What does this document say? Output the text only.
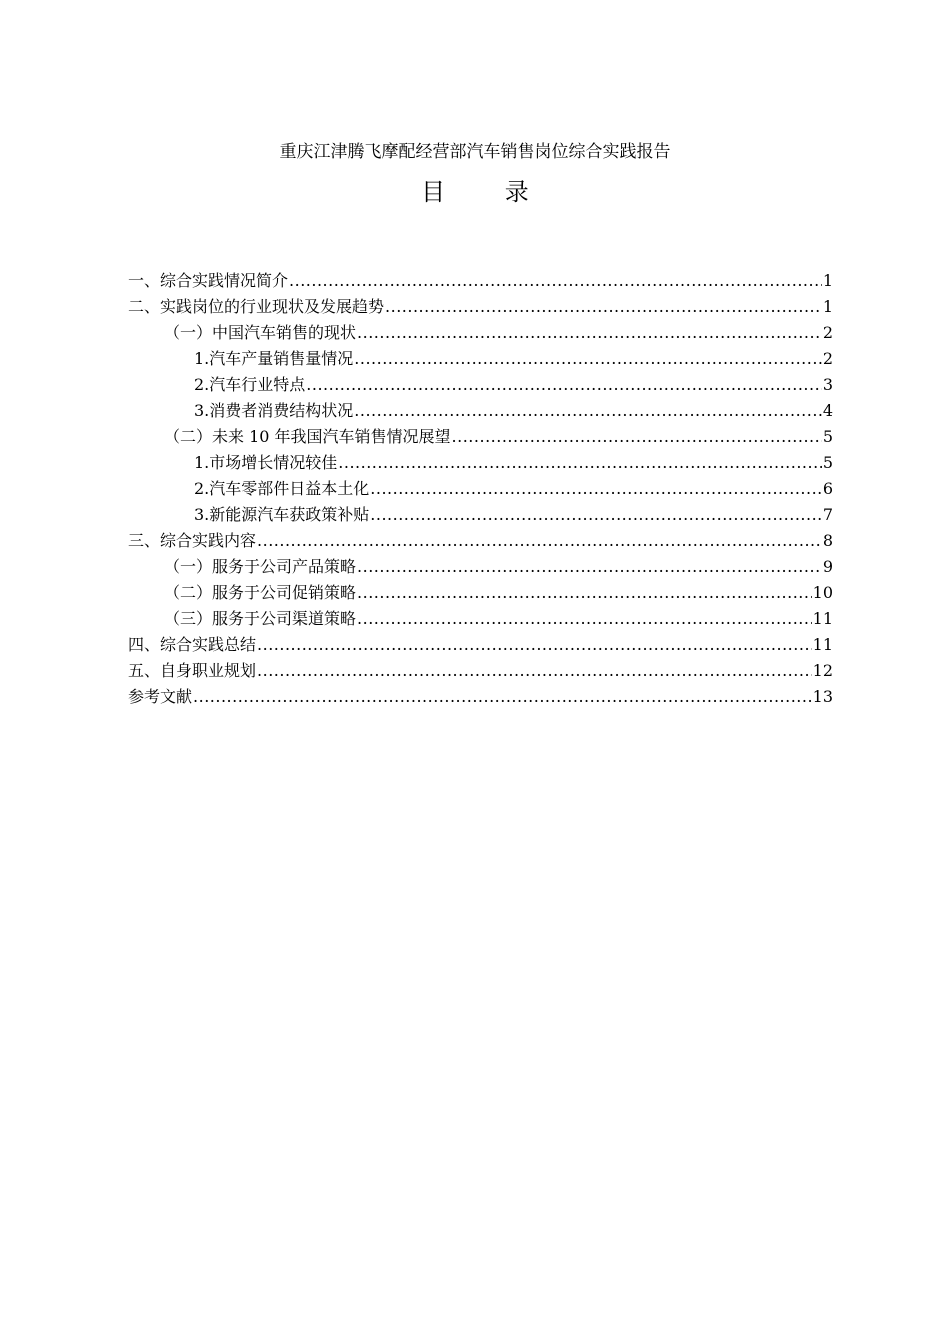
重庆江津腾飞摩配经营部汽车销售岗位综合实践报告
目 录
一、综合实践情况简介 .....	1
二、实践岗位的行业现状及发展趋势 .....	1
（一）中国汽车销售的现状 .....	2
1.汽车产量销售量情况 .....	2
2.汽车行业特点 .....	3
3.消费者消费结构状况 .....	4
（二）未来 10 年我国汽车销售情况展望 .....	5
1.市场增长情况较佳 .....	5
2.汽车零部件日益本土化 .....	6
3.新能源汽车获政策补贴 .....	7
三、综合实践内容 .....	8
（一）服务于公司产品策略 .....	9
（二）服务于公司促销策略 .....	10
（三）服务于公司渠道策略 .....	11
四、综合实践总结 .....	11
五、自身职业规划 .....	12
参考文献 .....	13
